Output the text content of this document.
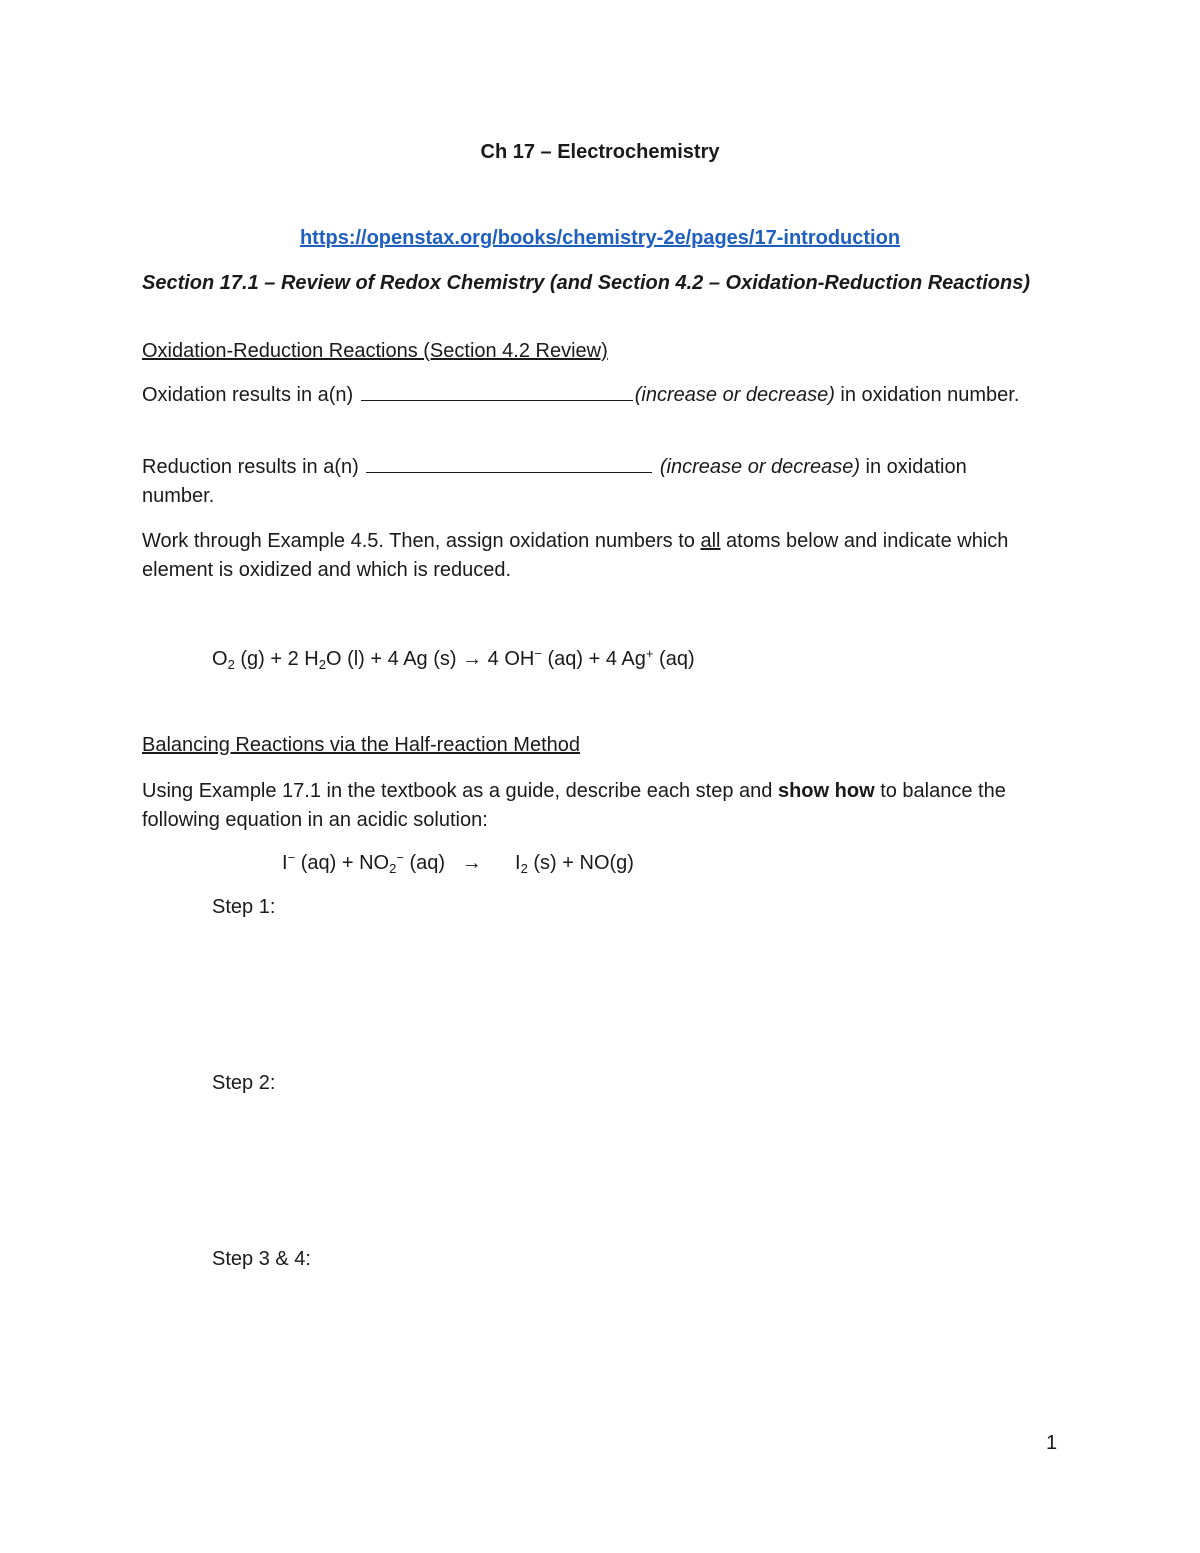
Ch 17 – Electrochemistry
https://openstax.org/books/chemistry-2e/pages/17-introduction
Section 17.1 – Review of Redox Chemistry (and Section 4.2 – Oxidation-Reduction Reactions)
Oxidation-Reduction Reactions (Section 4.2 Review)
Oxidation results in a(n)	(increase or decrease) in oxidation number.
Reduction results in a(n)	(increase or decrease) in oxidation number.
Work through Example 4.5. Then, assign oxidation numbers to all atoms below and indicate which element is oxidized and which is reduced.
$O_2$ (g) + 2 $H_2O$ (l) + 4 Ag (s) → 4 OH− (aq) + 4 Ag+ (aq)
Balancing Reactions via the Half-reaction Method
Using Example 17.1 in the textbook as a guide, describe each step and show how to balance the following equation in an acidic solution:
I− $(aq) + NO_2^-$ (aq)   →      $I_2$ (s) + NO(g)
Step 1:
Step 2:
Step 3 & 4:
1
